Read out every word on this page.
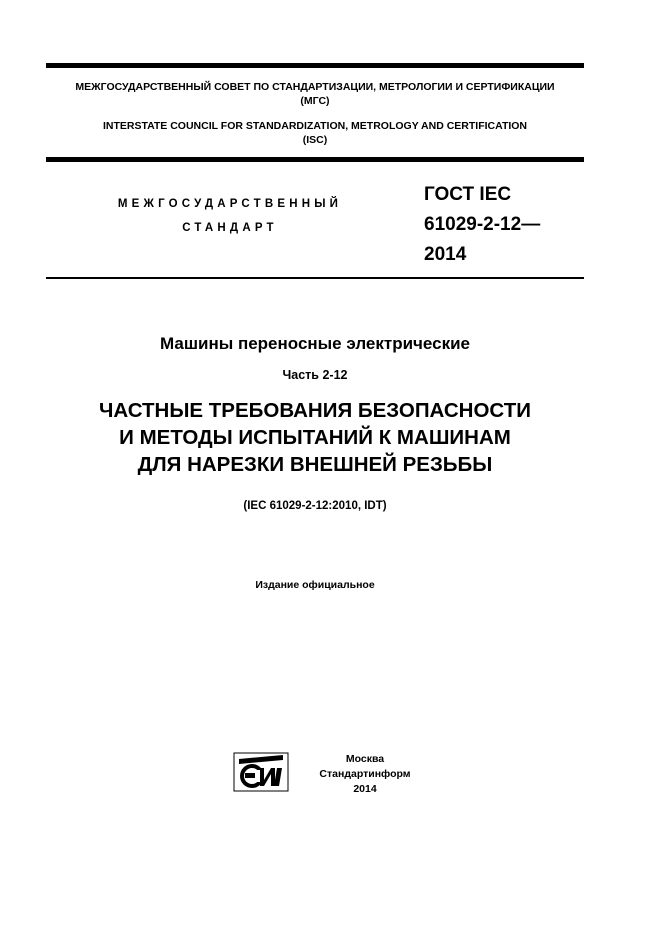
МЕЖГОСУДАРСТВЕННЫЙ СОВЕТ ПО СТАНДАРТИЗАЦИИ, МЕТРОЛОГИИ И СЕРТИФИКАЦИИ
(МГС)
INTERSTATE COUNCIL FOR STANDARDIZATION, METROLOGY AND CERTIFICATION
(ISC)
МЕЖГОСУДАРСТВЕННЫЙ
СТАНДАРТ
ГОСТ IEC
61029-2-12—
2014
Машины переносные электрические
Часть 2-12
ЧАСТНЫЕ ТРЕБОВАНИЯ БЕЗОПАСНОСТИ
И МЕТОДЫ ИСПЫТАНИЙ К МАШИНАМ
ДЛЯ НАРЕЗКИ ВНЕШНЕЙ РЕЗЬБЫ
(IEC 61029-2-12:2010, IDT)
Издание официальное
Москва
Стандартинформ
2014
